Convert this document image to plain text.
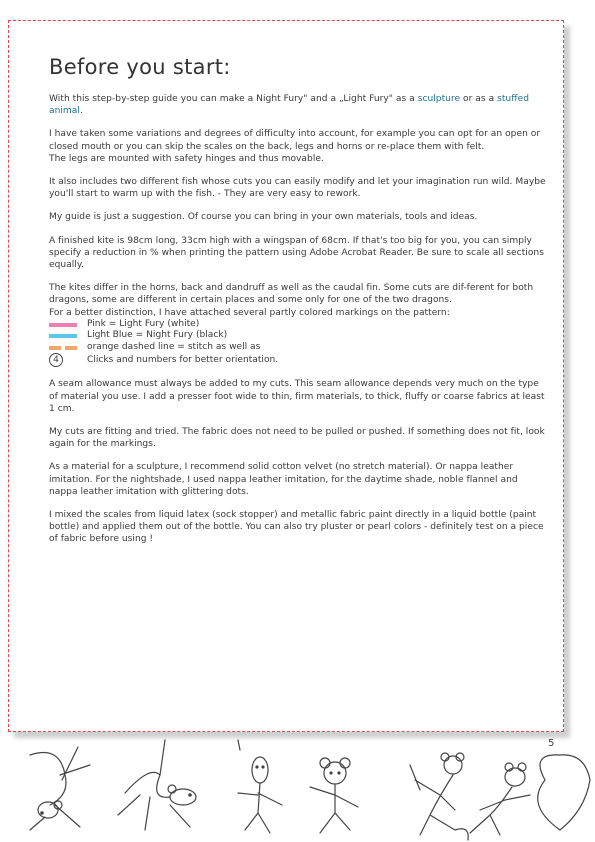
Before you start:

With this step-by-step guide you can make a Night Fury" and a „Light Fury" as a sculpture or as a stuffed animal.

I have taken some variations and degrees of difficulty into account, for example you can opt for an open or closed mouth or you can skip the scales on the back, legs and horns or re-place them with felt.

The legs are mounted with safety hinges and thus movable.

It also includes two different fish whose cuts you can easily modify and let your imagination run wild. Maybe you'll start to warm up with the fish. - They are very easy to rework.

My guide is just a suggestion. Of course you can bring in your own materials, tools and ideas.

A finished kite is 98cm long, 33cm high with a wingspan of 68cm. If that's too big for you, you can simply specify a reduction in % when printing the pattern using Adobe Acrobat Reader. Be sure to scale all sections equally.

The kites differ in the horns, back and dandruff as well as the caudal fin. Some cuts are dif-ferent for both dragons, some are different in certain places and some only for one of the two dragons.

For a better distinction, I have attached several partly colored markings on the pattern:

Pink = Light Fury (white)
Light Blue = Night Fury (black)
orange dashed line = stitch as well as
4	Clicks and numbers for better orientation.

A seam allowance must always be added to my cuts. This seam allowance depends very much on the type of material you use. I add a presser foot wide to thin, firm materials, to thick, fluffy or coarse fabrics at least 1 cm.

My cuts are fitting and tried. The fabric does not need to be pulled or pushed. If something does not fit, look again for the markings.

As a material for a sculpture, I recommend solid cotton velvet (no stretch material). Or nappa leather imitation. For the nightshade, I used nappa leather imitation, for the daytime shade, noble flannel and nappa leather imitation with glittering dots.

I mixed the scales from liquid latex (sock stopper) and metallic fabric paint directly in a liquid bottle (paint bottle) and applied them out of the bottle. You can also try pluster or pearl colors - definitely test on a piece of fabric before using !

5
